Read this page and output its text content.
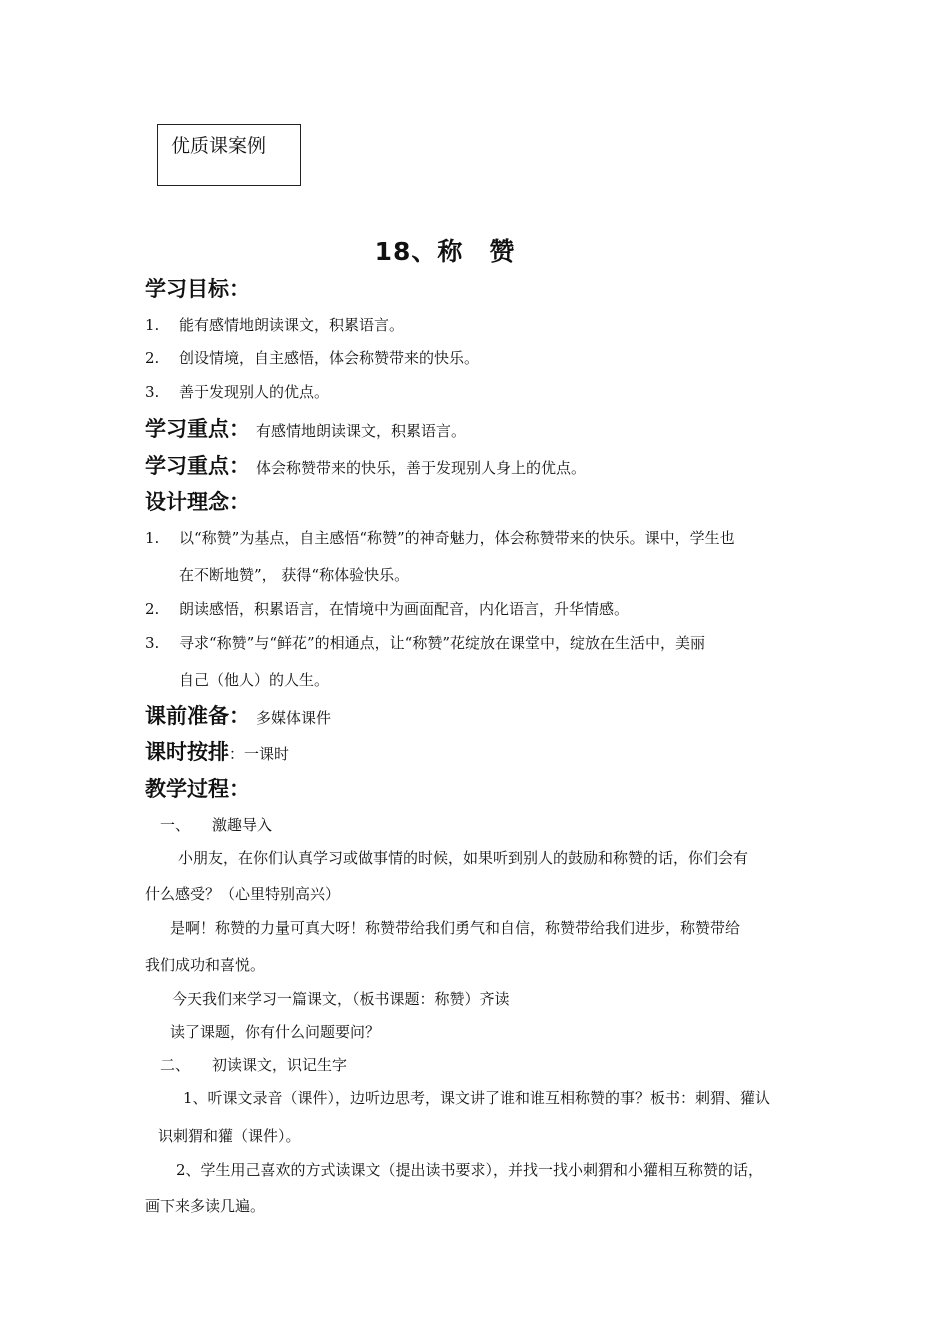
优质课案例
18、称　赞
学习目标：
1. 能有感情地朗读课文，积累语言。
2. 创设情境，自主感悟，体会称赞带来的快乐。
3. 善于发现别人的优点。
学习重点： 有感情地朗读课文，积累语言。
学习重点： 体会称赞带来的快乐，善于发现别人身上的优点。
设计理念：
1. 以“称赞”为基点，自主感悟“称赞”的神奇魅力，体会称赞带来的快乐。课中，学生也
在不断地赞”， 获得“称体验快乐。
2. 朗读感悟，积累语言，在情境中为画面配音，内化语言，升华情感。
3. 寻求“称赞”与“鲜花”的相通点，让“称赞”花绽放在课堂中，绽放在生活中，美丽
自己（他人）的人生。
课前准备： 多媒体课件
课时按排：一课时
教学过程：
一、 激趣导入
小朋友，在你们认真学习或做事情的时候，如果听到别人的鼓励和称赞的话，你们会有
什么感受？（心里特别高兴）
是啊！称赞的力量可真大呀！称赞带给我们勇气和自信，称赞带给我们进步，称赞带给
我们成功和喜悦。
今天我们来学习一篇课文，（板书课题：称赞）齐读
读了课题，你有什么问题要问？
二、 初读课文，识记生字
1、听课文录音（课件），边听边思考，课文讲了谁和谁互相称赞的事？板书：刺猬、獾认
识刺猬和獾（课件）。
2、学生用己喜欢的方式读课文（提出读书要求），并找一找小刺猬和小獾相互称赞的话，
画下来多读几遍。
